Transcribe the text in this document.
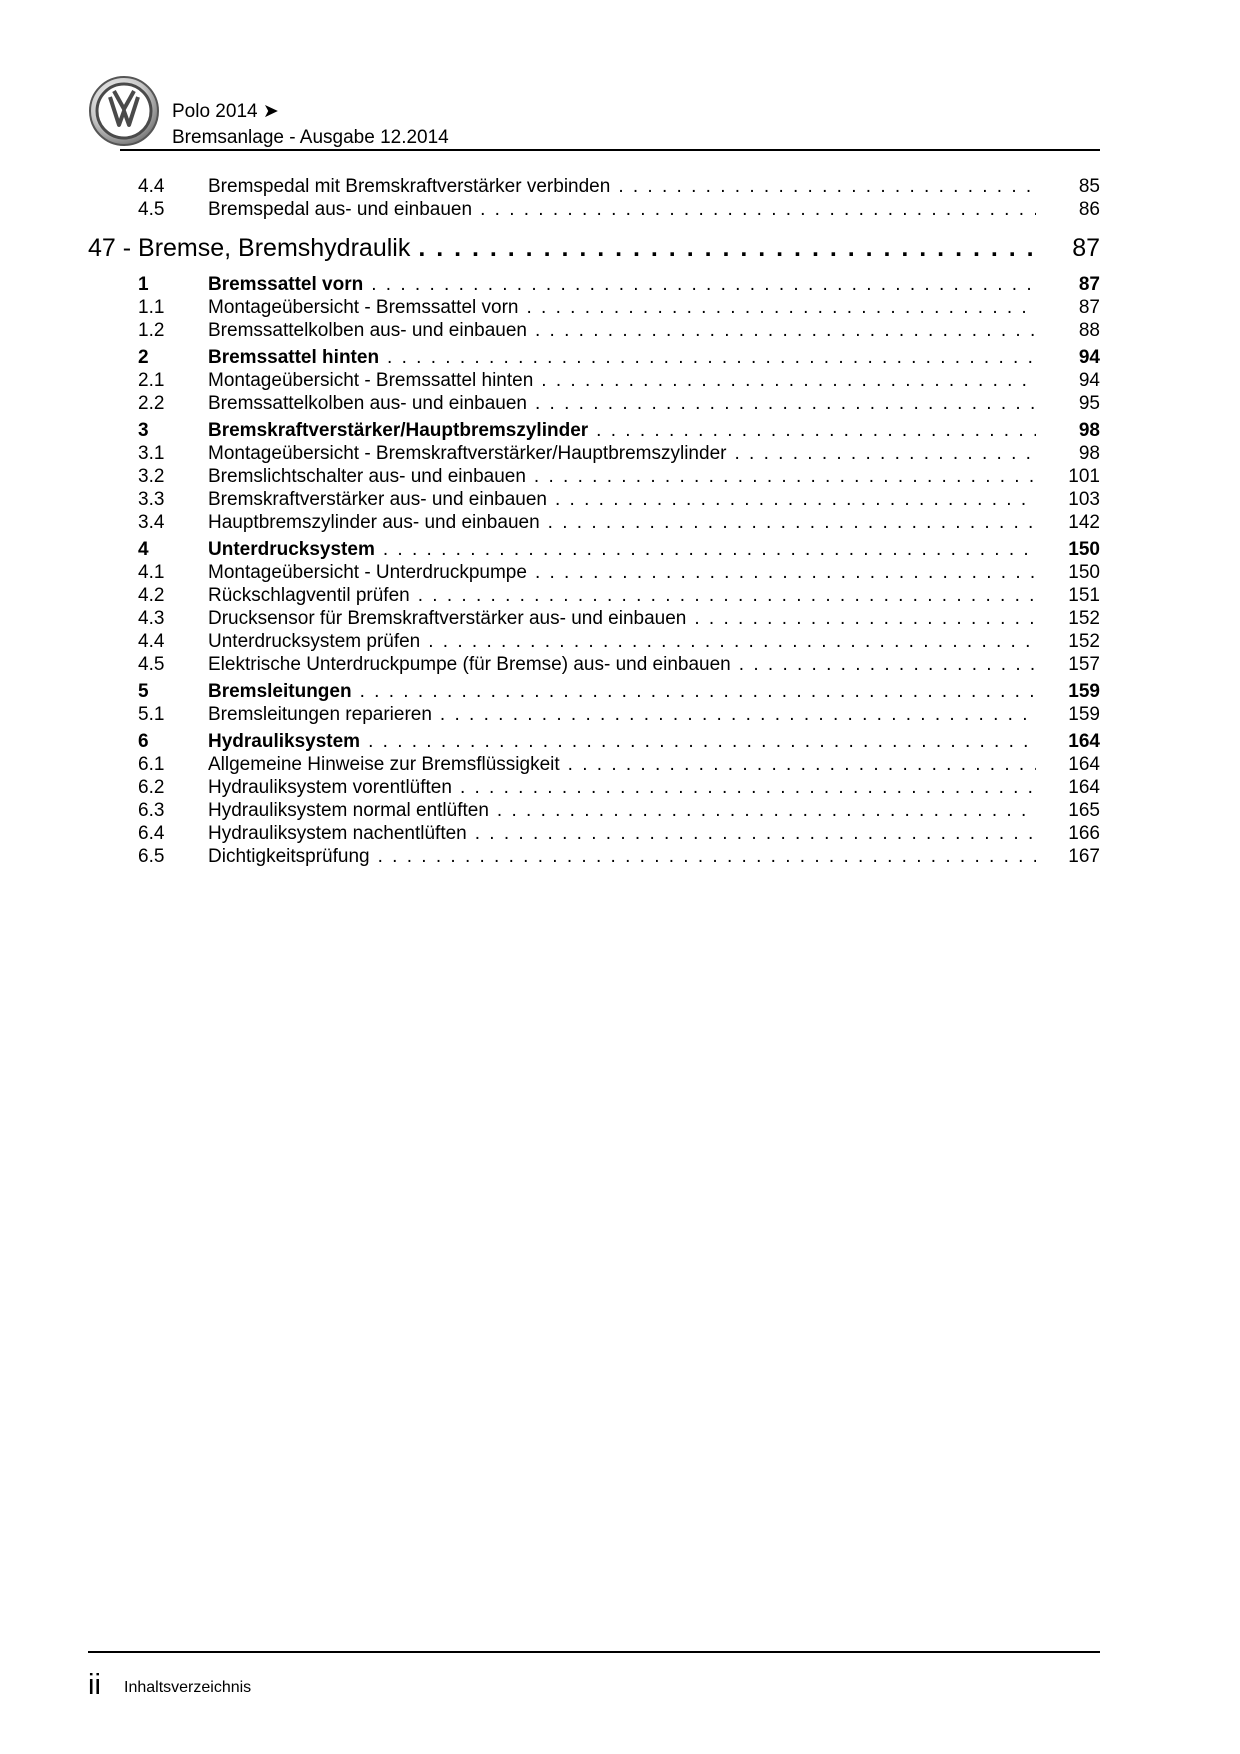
Polo 2014 ➤
Bremsanlage - Ausgabe 12.2014
4.4 Bremspedal mit Bremskraftverstärker verbinden . . .	85
4.5 Bremspedal aus- und einbauen . . .	86
47 - Bremse, Bremshydraulik . . .	87
1	Bremssattel vorn . . .	87
1.1 Montageübersicht - Bremssattel vorn . . .	87
1.2 Bremssattelkolben aus- und einbauen . . .	88
2	Bremssattel hinten . . .	94
2.1 Montageübersicht - Bremssattel hinten . . .	94
2.2 Bremssattelkolben aus- und einbauen . . .	95
3	Bremskraftverstärker/Hauptbremszylinder . . .	98
3.1 Montageübersicht - Bremskraftverstärker/Hauptbremszylinder . . .	98
3.2 Bremslichtschalter aus- und einbauen . . .	101
3.3 Bremskraftverstärker aus- und einbauen . . .	103
3.4 Hauptbremszylinder aus- und einbauen . . .	142
4	Unterdrucksystem . . .	150
4.1 Montageübersicht - Unterdruckpumpe . . .	150
4.2 Rückschlagventil prüfen . . .	151
4.3 Drucksensor für Bremskraftverstärker aus- und einbauen . . .	152
4.4 Unterdrucksystem prüfen . . .	152
4.5 Elektrische Unterdruckpumpe (für Bremse) aus- und einbauen . . .	157
5	Bremsleitungen . . .	159
5.1 Bremsleitungen reparieren . . .	159
6	Hydrauliksystem . . .	164
6.1 Allgemeine Hinweise zur Bremsflüssigkeit . . .	164
6.2 Hydrauliksystem vorentlüften . . .	164
6.3 Hydrauliksystem normal entlüften . . .	165
6.4 Hydrauliksystem nachentlüften . . .	166
6.5 Dichtigkeitsprüfung . . .	167
ii Inhaltsverzeichnis
